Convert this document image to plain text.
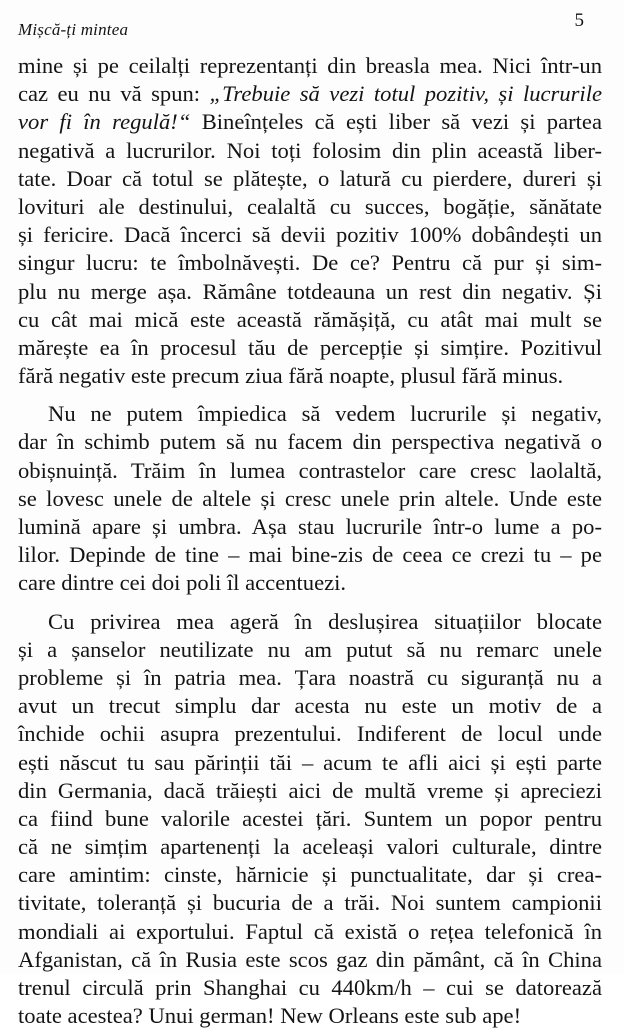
Mișcă-ți mintea	5
mine și pe ceilalți reprezentanți din breasla mea. Nici într-un
caz eu nu vă spun: „Trebuie să vezi totul pozitiv, și lucrurile
vor fi în regulă!“ Bineînțeles că ești liber să vezi și partea
negativă a lucrurilor. Noi toți folosim din plin această liber-
tate. Doar că totul se plătește, o latură cu pierdere, dureri și
lovituri ale destinului, cealaltă cu succes, bogăție, sănătate
și fericire. Dacă încerci să devii pozitiv 100% dobândești un
singur lucru: te îmbolnăvești. De ce? Pentru că pur și sim-
plu nu merge așa. Rămâne totdeauna un rest din negativ. Și
cu cât mai mică este această rămășiță, cu atât mai mult se
mărește ea în procesul tău de percepție și simțire. Pozitivul
fără negativ este precum ziua fără noapte, plusul fără minus.
Nu ne putem împiedica să vedem lucrurile și negativ,
dar în schimb putem să nu facem din perspectiva negativă o
obișnuință. Trăim în lumea contrastelor care cresc laolaltă,
se lovesc unele de altele și cresc unele prin altele. Unde este
lumină apare și umbra. Așa stau lucrurile într-o lume a po-
lilor. Depinde de tine – mai bine-zis de ceea ce crezi tu – pe
care dintre cei doi poli îl accentuezi.
Cu privirea mea ageră în deslușirea situațiilor blocate
și a șanselor neutilizate nu am putut să nu remarc unele
probleme și în patria mea. Țara noastră cu siguranță nu a
avut un trecut simplu dar acesta nu este un motiv de a
închide ochii asupra prezentului. Indiferent de locul unde
ești născut tu sau părinții tăi – acum te afli aici și ești parte
din Germania, dacă trăiești aici de multă vreme și apreciezi
ca fiind bune valorile acestei țări. Suntem un popor pentru
că ne simțim apartenenți la aceleași valori culturale, dintre
care amintim: cinste, hărnicie și punctualitate, dar și crea-
tivitate, toleranță și bucuria de a trăi. Noi suntem campionii
mondiali ai exportului. Faptul că există o rețea telefonică în
Afganistan, că în Rusia este scos gaz din pământ, că în China
trenul circulă prin Shanghai cu 440km/h – cui se datorează
toate acestea? Unui german! New Orleans este sub ape!
